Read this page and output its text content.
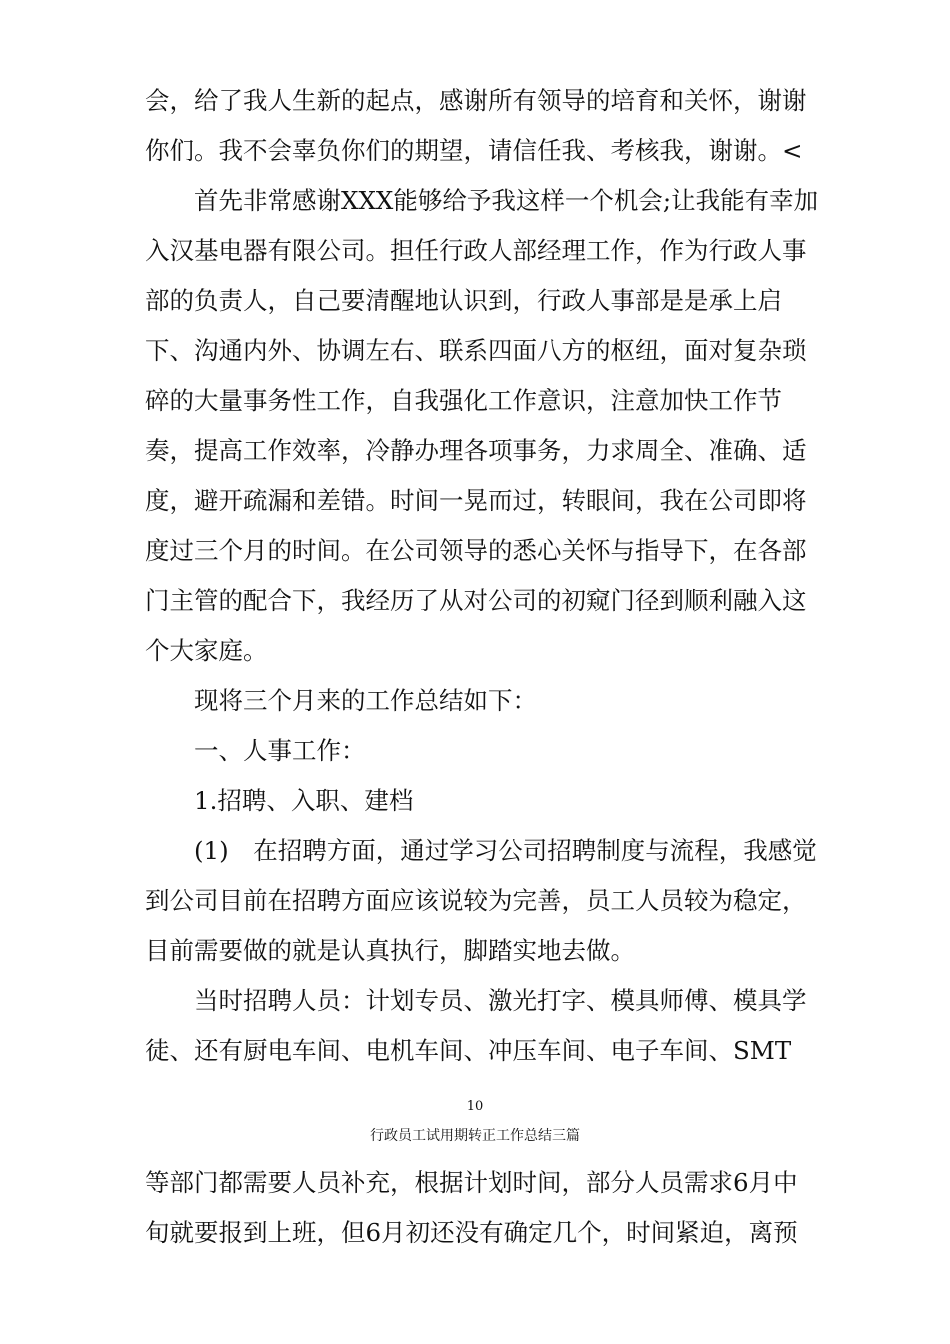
会，给了我人生新的起点，感谢所有领导的培育和关怀，谢谢
你们。我不会辜负你们的期望，请信任我、考核我，谢谢。<
首先非常感谢XXX能够给予我这样一个机会;让我能有幸加
入汉基电器有限公司。担任行政人部经理工作，作为行政人事
部的负责人，自己要清醒地认识到，行政人事部是是承上启
下、沟通内外、协调左右、联系四面八方的枢纽，面对复杂琐
碎的大量事务性工作，自我强化工作意识，注意加快工作节
奏，提高工作效率，冷静办理各项事务，力求周全、准确、适
度，避开疏漏和差错。时间一晃而过，转眼间，我在公司即将
度过三个月的时间。在公司领导的悉心关怀与指导下，在各部
门主管的配合下，我经历了从对公司的初窥门径到顺利融入这
个大家庭。
现将三个月来的工作总结如下：
一、人事工作：
1.招聘、入职、建档
(1)　在招聘方面，通过学习公司招聘制度与流程，我感觉
到公司目前在招聘方面应该说较为完善，员工人员较为稳定，
目前需要做的就是认真执行，脚踏实地去做。
当时招聘人员：计划专员、激光打字、模具师傅、模具学
徒、还有厨电车间、电机车间、冲压车间、电子车间、SMT
10
行政员工试用期转正工作总结三篇
等部门都需要人员补充，根据计划时间，部分人员需求6月中
旬就要报到上班，但6月初还没有确定几个，时间紧迫，离预
